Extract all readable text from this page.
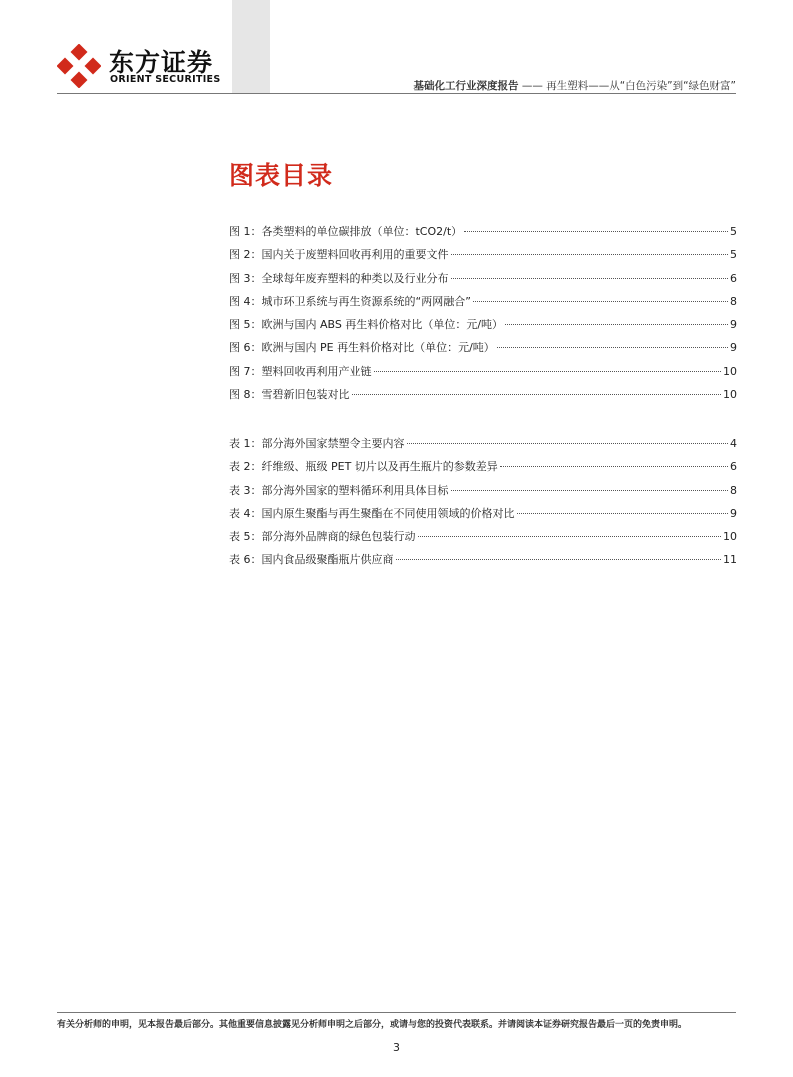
东方证券
ORIENT SECURITIES
基础化工行业深度报告 —— 再生塑料——从“白色污染”到“绿色财富”
图表目录
图 1：各类塑料的单位碳排放（单位：tCO2/t）	5
图 2：国内关于废塑料回收再利用的重要文件	5
图 3：全球每年废弃塑料的种类以及行业分布	6
图 4：城市环卫系统与再生资源系统的“两网融合”	8
图 5：欧洲与国内 ABS 再生料价格对比（单位：元/吨）	9
图 6：欧洲与国内 PE 再生料价格对比（单位：元/吨）	9
图 7：塑料回收再利用产业链	10
图 8：雪碧新旧包装对比	10
表 1：部分海外国家禁塑令主要内容	4
表 2：纤维级、瓶级 PET 切片以及再生瓶片的参数差异	6
表 3：部分海外国家的塑料循环利用具体目标	8
表 4：国内原生聚酯与再生聚酯在不同使用领域的价格对比	9
表 5：部分海外品牌商的绿色包装行动	10
表 6：国内食品级聚酯瓶片供应商	11
有关分析师的申明，见本报告最后部分。其他重要信息披露见分析师申明之后部分，或请与您的投资代表联系。并请阅读本证券研究报告最后一页的免责申明。
3
